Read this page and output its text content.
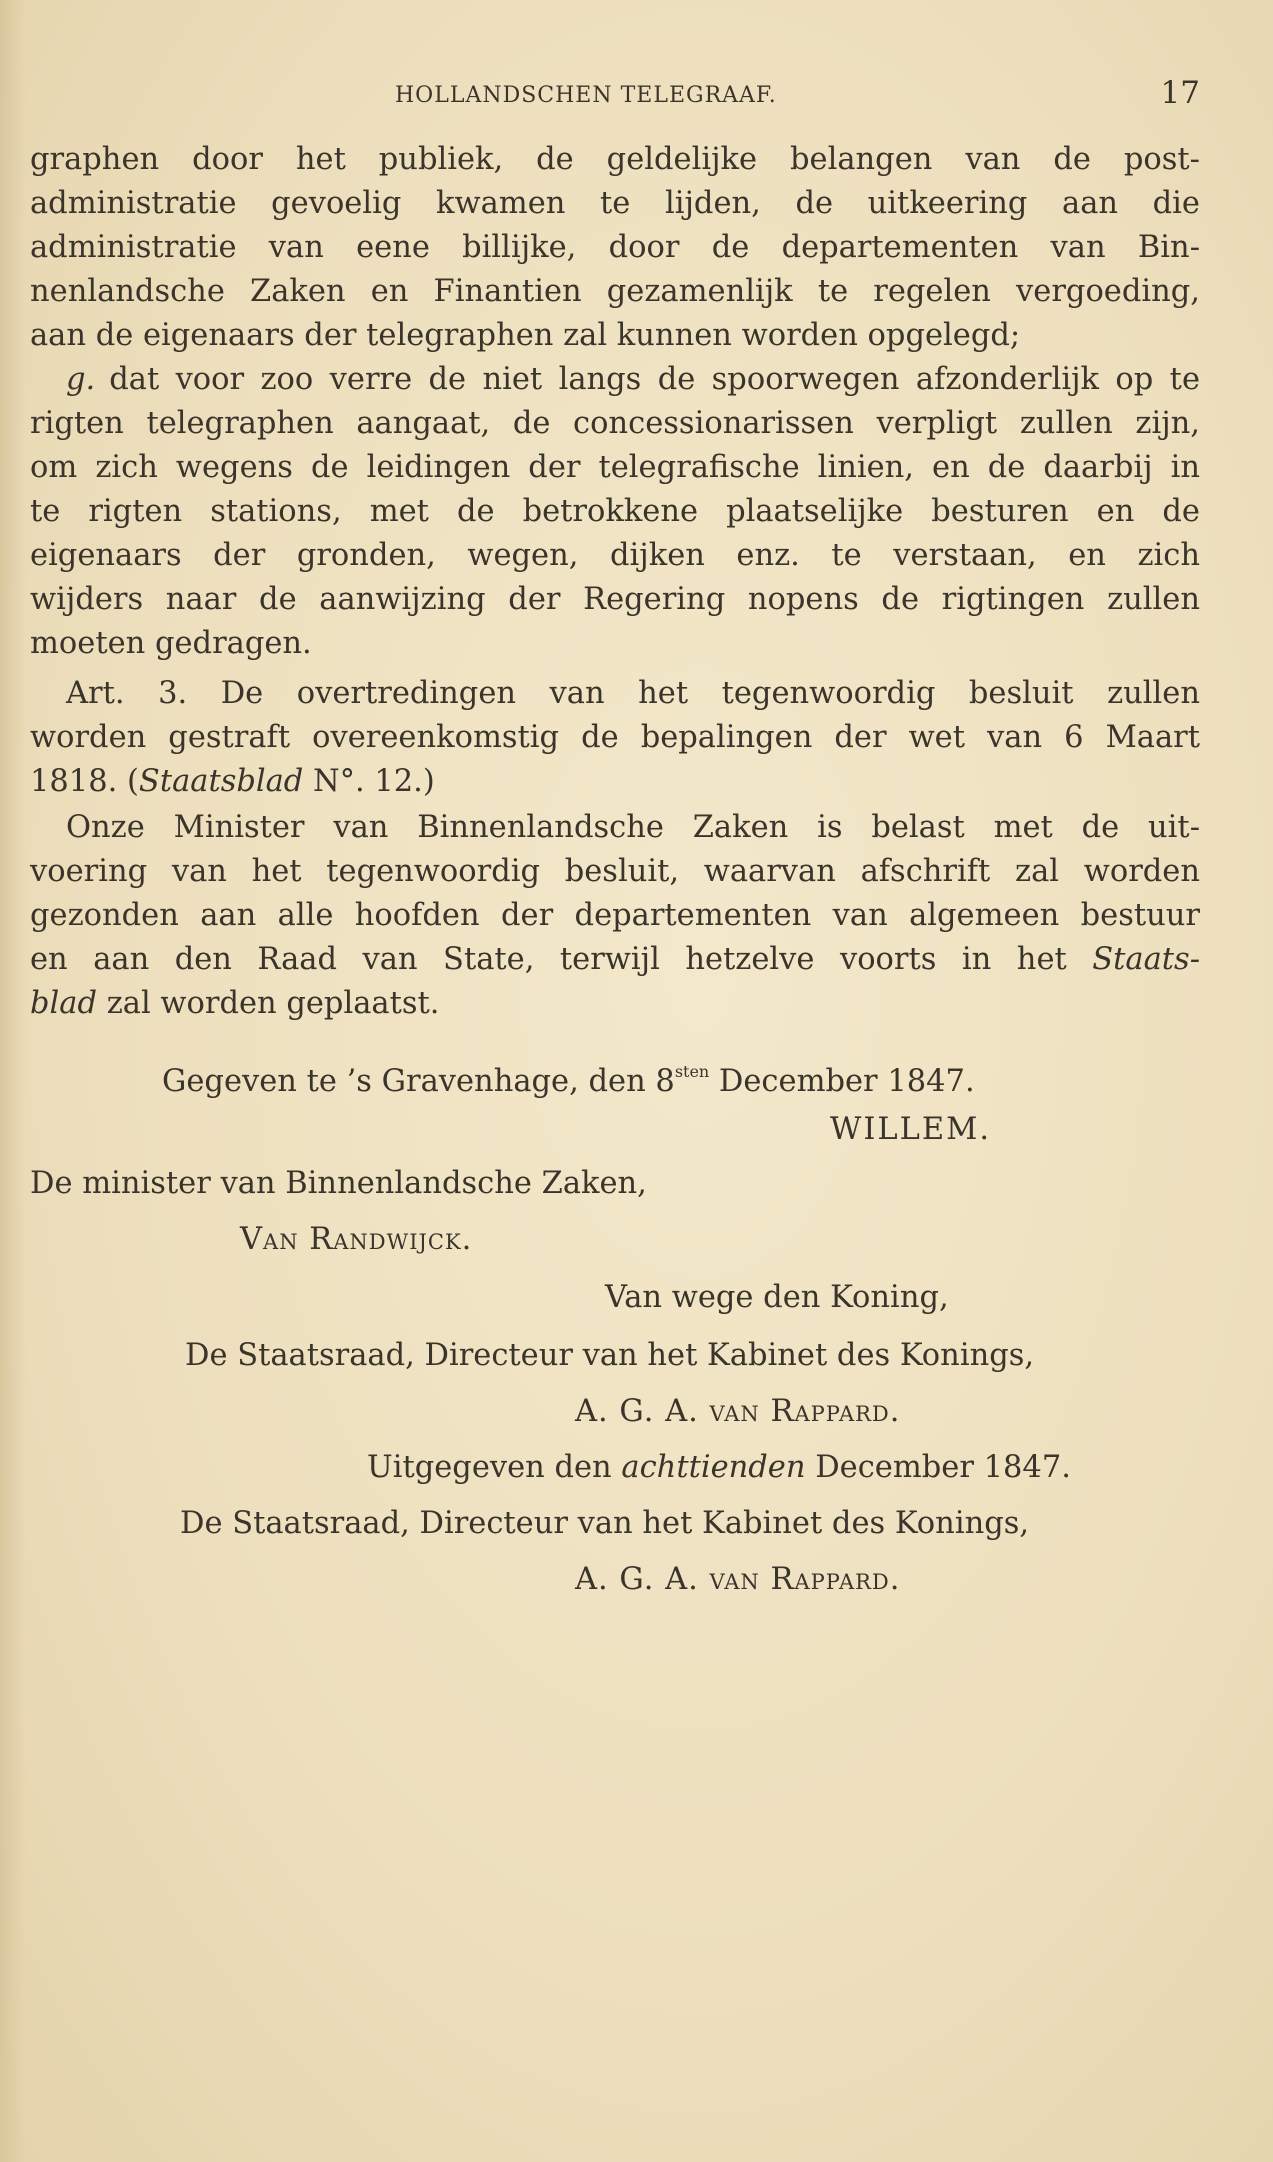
HOLLANDSCHEN TELEGRAAF.	17
graphen door het publiek, de geldelijke belangen van de post-
administratie gevoelig kwamen te lijden, de uitkeering aan die
administratie van eene billijke, door de departementen van Bin-
nenlandsche Zaken en Finantien gezamenlijk te regelen vergoeding,
aan de eigenaars der telegraphen zal kunnen worden opgelegd;
g. dat voor zoo verre de niet langs de spoorwegen afzonderlijk op te
rigten telegraphen aangaat, de concessionarissen verpligt zullen zijn,
om zich wegens de leidingen der telegrafische linien, en de daarbij in
te rigten stations, met de betrokkene plaatselijke besturen en de
eigenaars der gronden, wegen, dijken enz. te verstaan, en zich
wijders naar de aanwijzing der Regering nopens de rigtingen zullen
moeten gedragen.
Art. 3. De overtredingen van het tegenwoordig besluit zullen
worden gestraft overeenkomstig de bepalingen der wet van 6 Maart
1818. (Staatsblad N°. 12.)
Onze Minister van Binnenlandsche Zaken is belast met de uit-
voering van het tegenwoordig besluit, waarvan afschrift zal worden
gezonden aan alle hoofden der departementen van algemeen bestuur
en aan den Raad van State, terwijl hetzelve voorts in het Staats-
blad zal worden geplaatst.
Gegeven te ’s Gravenhage, den $8^{sten}$ December 1847.
WILLEM.
De minister van Binnenlandsche Zaken,
Van Randwijck.
Van wege den Koning,
De Staatsraad, Directeur van het Kabinet des Konings,
A. G. A. van Rappard.
Uitgegeven den achttienden December 1847.
De Staatsraad, Directeur van het Kabinet des Konings,
A. G. A. van Rappard.
